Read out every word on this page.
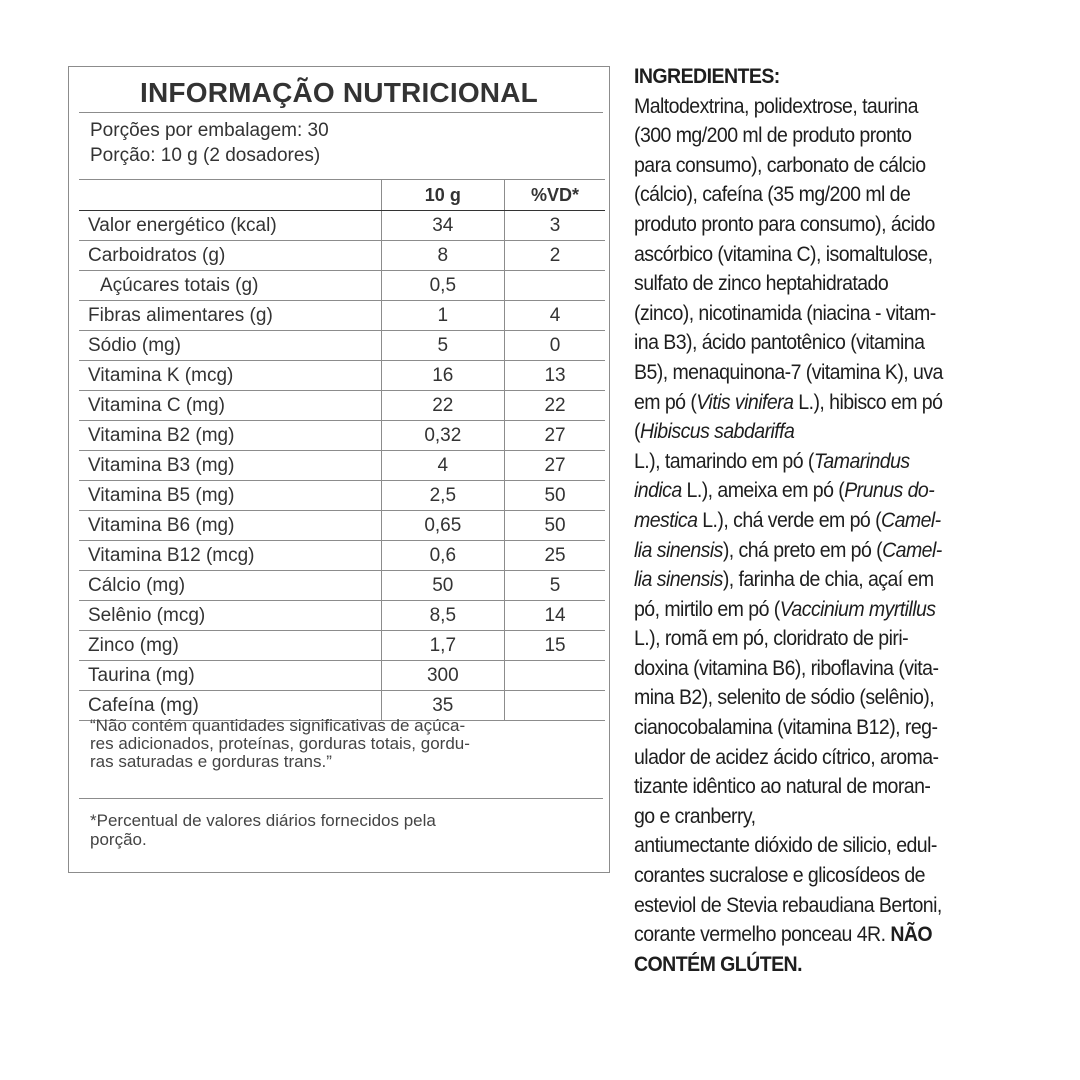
INFORMAÇÃO NUTRICIONAL
Porções por embalagem: 30
Porção: 10 g (2 dosadores)
	10 g	%VD*
Valor energético (kcal)	34	3
Carboidratos (g)	8	2
Açúcares totais (g)	0,5	
Fibras alimentares (g)	1	4
Sódio (mg)	5	0
Vitamina K (mcg)	16	13
Vitamina C (mg)	22	22
Vitamina B2 (mg)	0,32	27
Vitamina B3 (mg)	4	27
Vitamina B5 (mg)	2,5	50
Vitamina B6 (mg)	0,65	50
Vitamina B12 (mcg)	0,6	25
Cálcio (mg)	50	5
Selênio (mcg)	8,5	14
Zinco (mg)	1,7	15
Taurina (mg)	300	
Cafeína (mg)	35	
“Não contém quantidades significativas de açúca-
res adicionados, proteínas, gorduras totais, gordu-
ras saturadas e gorduras trans.”
*Percentual de valores diários fornecidos pela
porção.
INGREDIENTES:
Maltodextrina, polidextrose, taurina
(300 mg/200 ml de produto pronto
para consumo), carbonato de cálcio
(cálcio), cafeína (35 mg/200 ml de
produto pronto para consumo), ácido
ascórbico (vitamina C), isomaltulose,
sulfato de zinco heptahidratado
(zinco), nicotinamida (niacina - vitam-
ina B3), ácido pantotênico (vitamina
B5), menaquinona-7 (vitamina K), uva
em pó (Vitis vinifera L.), hibisco em pó
(Hibiscus sabdariffa
L.), tamarindo em pó (Tamarindus
indica L.), ameixa em pó (Prunus do-
mestica L.), chá verde em pó (Camel-
lia sinensis), chá preto em pó (Camel-
lia sinensis), farinha de chia, açaí em
pó, mirtilo em pó (Vaccinium myrtillus
L.), romã em pó, cloridrato de piri-
doxina (vitamina B6), riboflavina (vita-
mina B2), selenito de sódio (selênio),
cianocobalamina (vitamina B12), reg-
ulador de acidez ácido cítrico, aroma-
tizante idêntico ao natural de moran-
go e cranberry,
antiumectante dióxido de silicio, edul-
corantes sucralose e glicosídeos de
esteviol de Stevia rebaudiana Bertoni,
corante vermelho ponceau 4R. NÃO
CONTÉM GLÚTEN.
